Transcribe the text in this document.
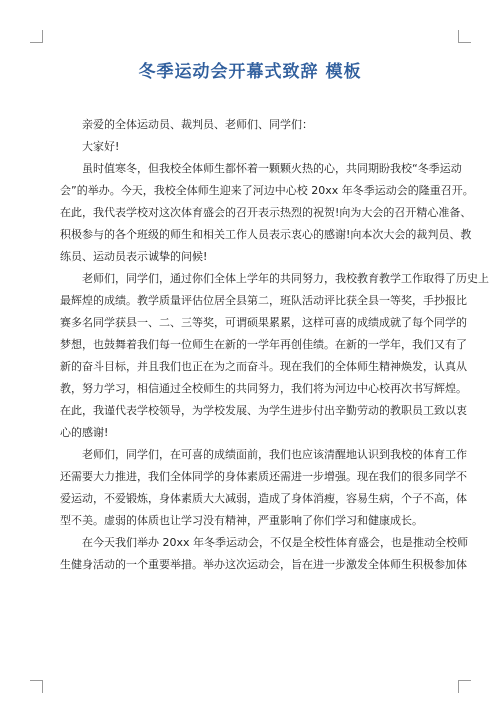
冬季运动会开幕式致辞 模板

亲爱的全体运动员、裁判员、老师们、同学们：

大家好!

虽时值寒冬，但我校全体师生都怀着一颗颗火热的心，共同期盼我校“冬季运动

会”的举办。今天，我校全体师生迎来了河边中心校 20xx 年冬季运动会的隆重召开。

在此，我代表学校对这次体育盛会的召开表示热烈的祝贺!向为大会的召开精心准备、

积极参与的各个班级的师生和相关工作人员表示衷心的感谢!向本次大会的裁判员、教

练员、运动员表示诚挚的问候!

老师们，同学们，通过你们全体上学年的共同努力，我校教育教学工作取得了历史上

最辉煌的成绩。教学质量评估位居全县第二，班队活动评比获全县一等奖，手抄报比

赛多名同学获县一、二、三等奖，可谓硕果累累，这样可喜的成绩成就了每个同学的

梦想，也鼓舞着我们每一位师生在新的一学年再创佳绩。在新的一学年，我们又有了

新的奋斗目标，并且我们也正在为之而奋斗。现在我们的全体师生精神焕发，认真从

教，努力学习，相信通过全校师生的共同努力，我们将为河边中心校再次书写辉煌。

在此，我谨代表学校领导，为学校发展、为学生进步付出辛勤劳动的教职员工致以衷

心的感谢!

老师们，同学们，在可喜的成绩面前，我们也应该清醒地认识到我校的体育工作

还需要大力推进，我们全体同学的身体素质还需进一步增强。现在我们的很多同学不

爱运动，不爱锻炼，身体素质大大减弱，造成了身体消瘦，容易生病，个子不高，体

型不美。虚弱的体质也让学习没有精神，严重影响了你们学习和健康成长。

在今天我们举办 20xx 年冬季运动会，不仅是全校性体育盛会，也是推动全校师

生健身活动的一个重要举措。举办这次运动会，旨在进一步激发全体师生积极参加体
